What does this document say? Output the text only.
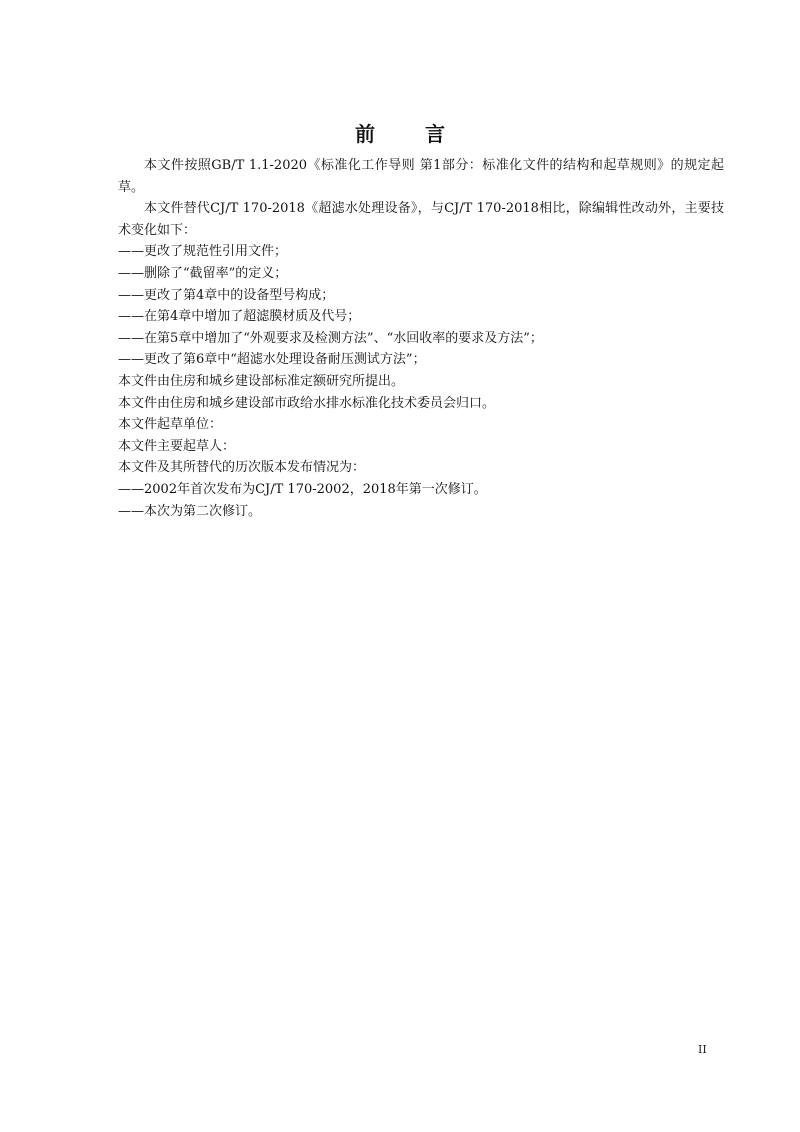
前	言

本文件按照GB/T 1.1-2020《标准化工作导则 第1部分：标准化文件的结构和起草规则》的规定起草。

本文件替代CJ/T 170-2018《超滤水处理设备》，与CJ/T 170-2018相比，除编辑性改动外，主要技术变化如下：

——更改了规范性引用文件；

——删除了“截留率”的定义；

——更改了第4章中的设备型号构成；

——在第4章中增加了超滤膜材质及代号；

——在第5章中增加了“外观要求及检测方法”、“水回收率的要求及方法”；

——更改了第6章中“超滤水处理设备耐压测试方法”；

本文件由住房和城乡建设部标准定额研究所提出。

本文件由住房和城乡建设部市政给水排水标准化技术委员会归口。

本文件起草单位：

本文件主要起草人：

本文件及其所替代的历次版本发布情况为：

——2002年首次发布为CJ/T 170-2002，2018年第一次修订。

——本次为第二次修订。

II
